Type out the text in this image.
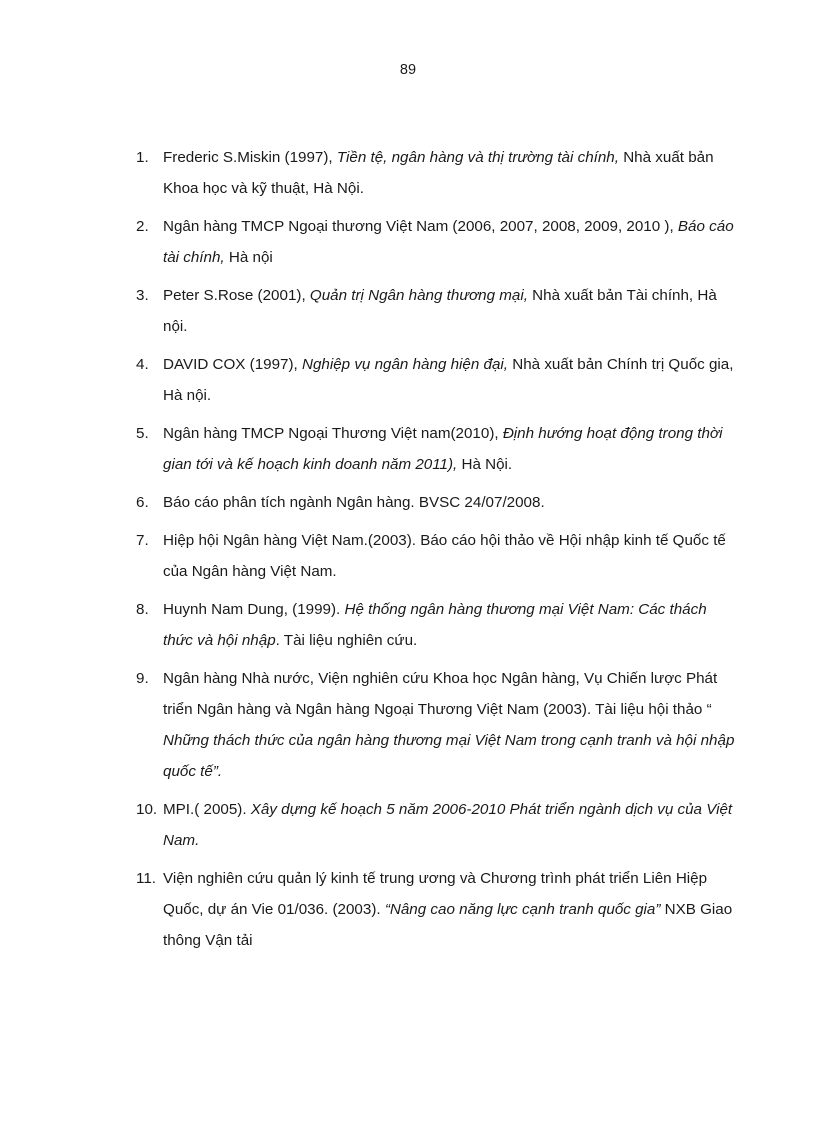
89
1. Frederic S.Miskin (1997), Tiền tệ, ngân hàng và thị trường tài chính, Nhà xuất bản Khoa học và kỹ thuật, Hà Nội.
2. Ngân hàng TMCP Ngoại thương Việt Nam (2006, 2007, 2008, 2009, 2010 ), Báo cáo tài chính, Hà nội
3. Peter S.Rose (2001), Quản trị Ngân hàng thương mại, Nhà xuất bản Tài chính, Hà nội.
4. DAVID COX (1997), Nghiệp vụ ngân hàng hiện đại, Nhà xuất bản Chính trị Quốc gia, Hà nội.
5. Ngân hàng TMCP Ngoại Thương Việt nam(2010), Định hướng hoạt động trong thời gian tới và kế hoạch kinh doanh năm 2011), Hà Nội.
6. Báo cáo phân tích ngành Ngân hàng. BVSC 24/07/2008.
7. Hiệp hội Ngân hàng Việt Nam.(2003). Báo cáo hội thảo về Hội nhập kinh tế Quốc tế của Ngân hàng Việt Nam.
8. Huynh Nam Dung, (1999). Hệ thống ngân hàng thương mại Việt Nam: Các thách thức và hội nhập. Tài liệu nghiên cứu.
9. Ngân hàng Nhà nước, Viện nghiên cứu Khoa học Ngân hàng, Vụ Chiến lược Phát triển Ngân hàng và Ngân hàng Ngoại Thương Việt Nam (2003). Tài liệu hội thảo “ Những thách thức của ngân hàng thương mại Việt Nam trong cạnh tranh và hội nhập quốc tế”.
10. MPI.( 2005). Xây dựng kế hoạch 5 năm 2006-2010 Phát triển ngành dịch vụ của Việt Nam.
11. Viện nghiên cứu quản lý kinh tế trung ương và Chương trình phát triển Liên Hiệp Quốc, dự án Vie 01/036. (2003). “Nâng cao năng lực cạnh tranh quốc gia” NXB Giao thông Vận tải
